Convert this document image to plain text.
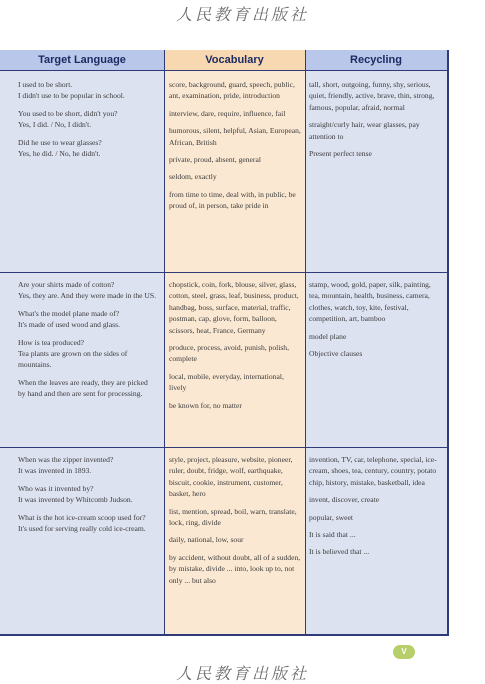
人民教育出版社
Target Language	Vocabulary	Recycling

I used to be short.
I didn't use to be popular in school.

You used to be short, didn't you?
Yes, I did. / No, I didn't.

Did he use to wear glasses?
Yes, he did. / No, he didn't.

score, background, guard, speech, public, ant, examination, pride, introduction

interview, dare, require, influence, fail

humorous, silent, helpful, Asian, European, African, British

private, proud, absent, general

seldom, exactly

from time to time, deal with, in public, be proud of, in person, take pride in

tall, short, outgoing, funny, shy, serious, quiet, friendly, active, brave, thin, strong, famous, popular, afraid, normal

straight/curly hair, wear glasses, pay attention to

Present perfect tense

Are your shirts made of cotton?
Yes, they are. And they were made in the US.

What's the model plane made of?
It's made of used wood and glass.

How is tea produced?
Tea plants are grown on the sides of mountains.

When the leaves are ready, they are picked by hand and then are sent for processing.

chopstick, coin, fork, blouse, silver, glass, cotton, steel, grass, leaf, business, product, handbag, boss, surface, material, traffic, postman, cap, glove, form, balloon, scissors, heat, France, Germany

produce, process, avoid, punish, polish, complete

local, mobile, everyday, international, lively

be known for, no matter

stamp, wood, gold, paper, silk, painting, tea, mountain, health, business, camera, clothes, watch, toy, kite, festival, competition, art, bamboo

model plane

Objective clauses

When was the zipper invented?
It was invented in 1893.

Who was it invented by?
It was invented by Whitcomb Judson.

What is the hot ice-cream scoop used for?
It's used for serving really cold ice-cream.

style, project, pleasure, website, pioneer, ruler, doubt, fridge, wolf, earthquake, biscuit, cookie, instrument, customer, basket, hero

list, mention, spread, boil, warn, translate, lock, ring, divide

daily, national, low, sour

by accident, without doubt, all of a sudden, by mistake, divide ... into, look up to, not only ... but also

invention, TV, car, telephone, special, ice-cream, shoes, tea, century, country, potato chip, history, mistake, basketball, idea

invent, discover, create

popular, sweet

It is said that ...

It is believed that ...

V
人民教育出版社
